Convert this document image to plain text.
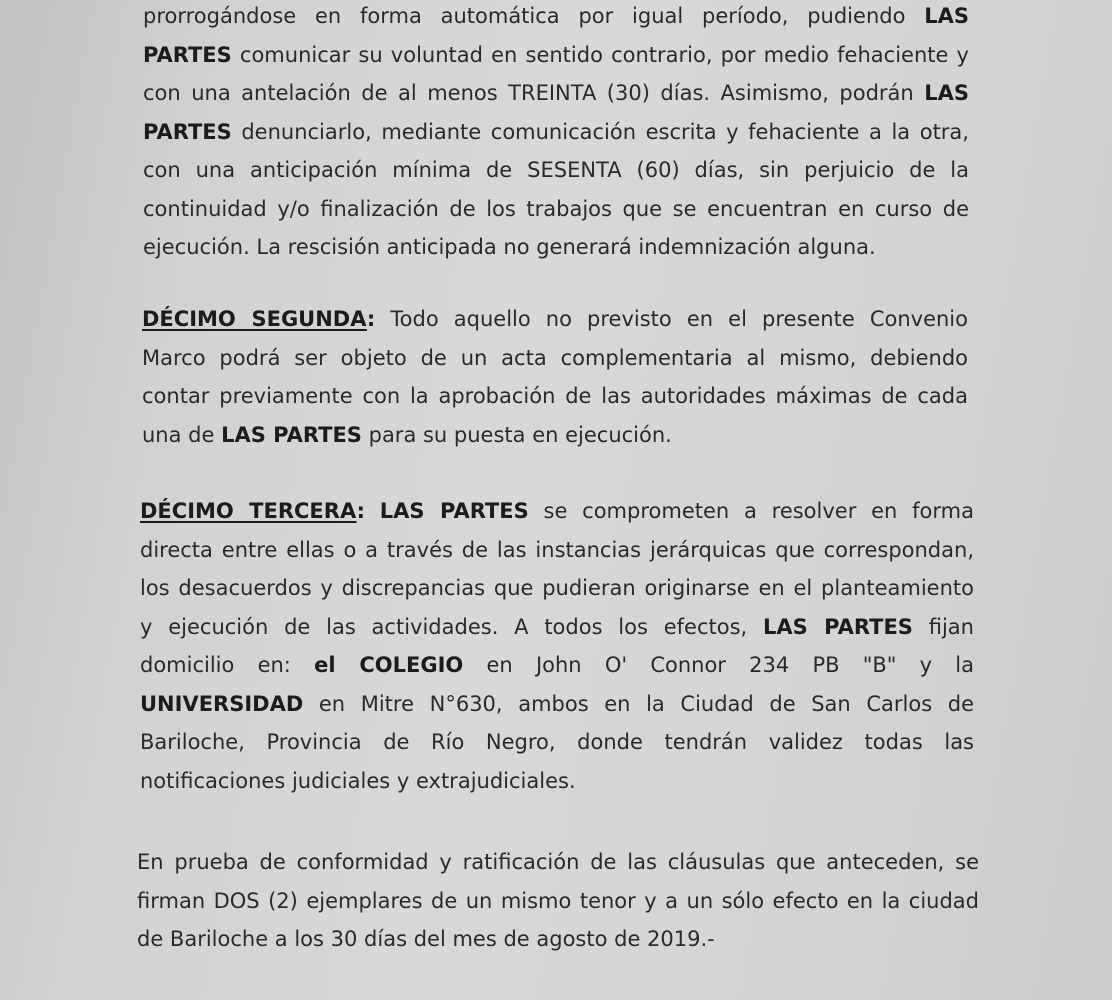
prorrogándose en forma automática por igual período, pudiendo LAS
PARTES comunicar su voluntad en sentido contrario, por medio fehaciente y
con una antelación de al menos TREINTA (30) días. Asimismo, podrán LAS
PARTES denunciarlo, mediante comunicación escrita y fehaciente a la otra,
con una anticipación mínima de SESENTA (60) días, sin perjuicio de la
continuidad y/o finalización de los trabajos que se encuentran en curso de
ejecución. La rescisión anticipada no generará indemnización alguna.
DÉCIMO SEGUNDA: Todo aquello no previsto en el presente Convenio
Marco podrá ser objeto de un acta complementaria al mismo, debiendo
contar previamente con la aprobación de las autoridades máximas de cada
una de LAS PARTES para su puesta en ejecución.
DÉCIMO TERCERA: LAS PARTES se comprometen a resolver en forma
directa entre ellas o a través de las instancias jerárquicas que correspondan,
los desacuerdos y discrepancias que pudieran originarse en el planteamiento
y ejecución de las actividades. A todos los efectos, LAS PARTES fijan
domicilio en: el COLEGIO en John O' Connor 234 PB "B" y la
UNIVERSIDAD en Mitre N°630, ambos en la Ciudad de San Carlos de
Bariloche, Provincia de Río Negro, donde tendrán validez todas las
notificaciones judiciales y extrajudiciales.
En prueba de conformidad y ratificación de las cláusulas que anteceden, se
firman DOS (2) ejemplares de un mismo tenor y a un sólo efecto en la ciudad
de Bariloche a los 30 días del mes de agosto de 2019.-
